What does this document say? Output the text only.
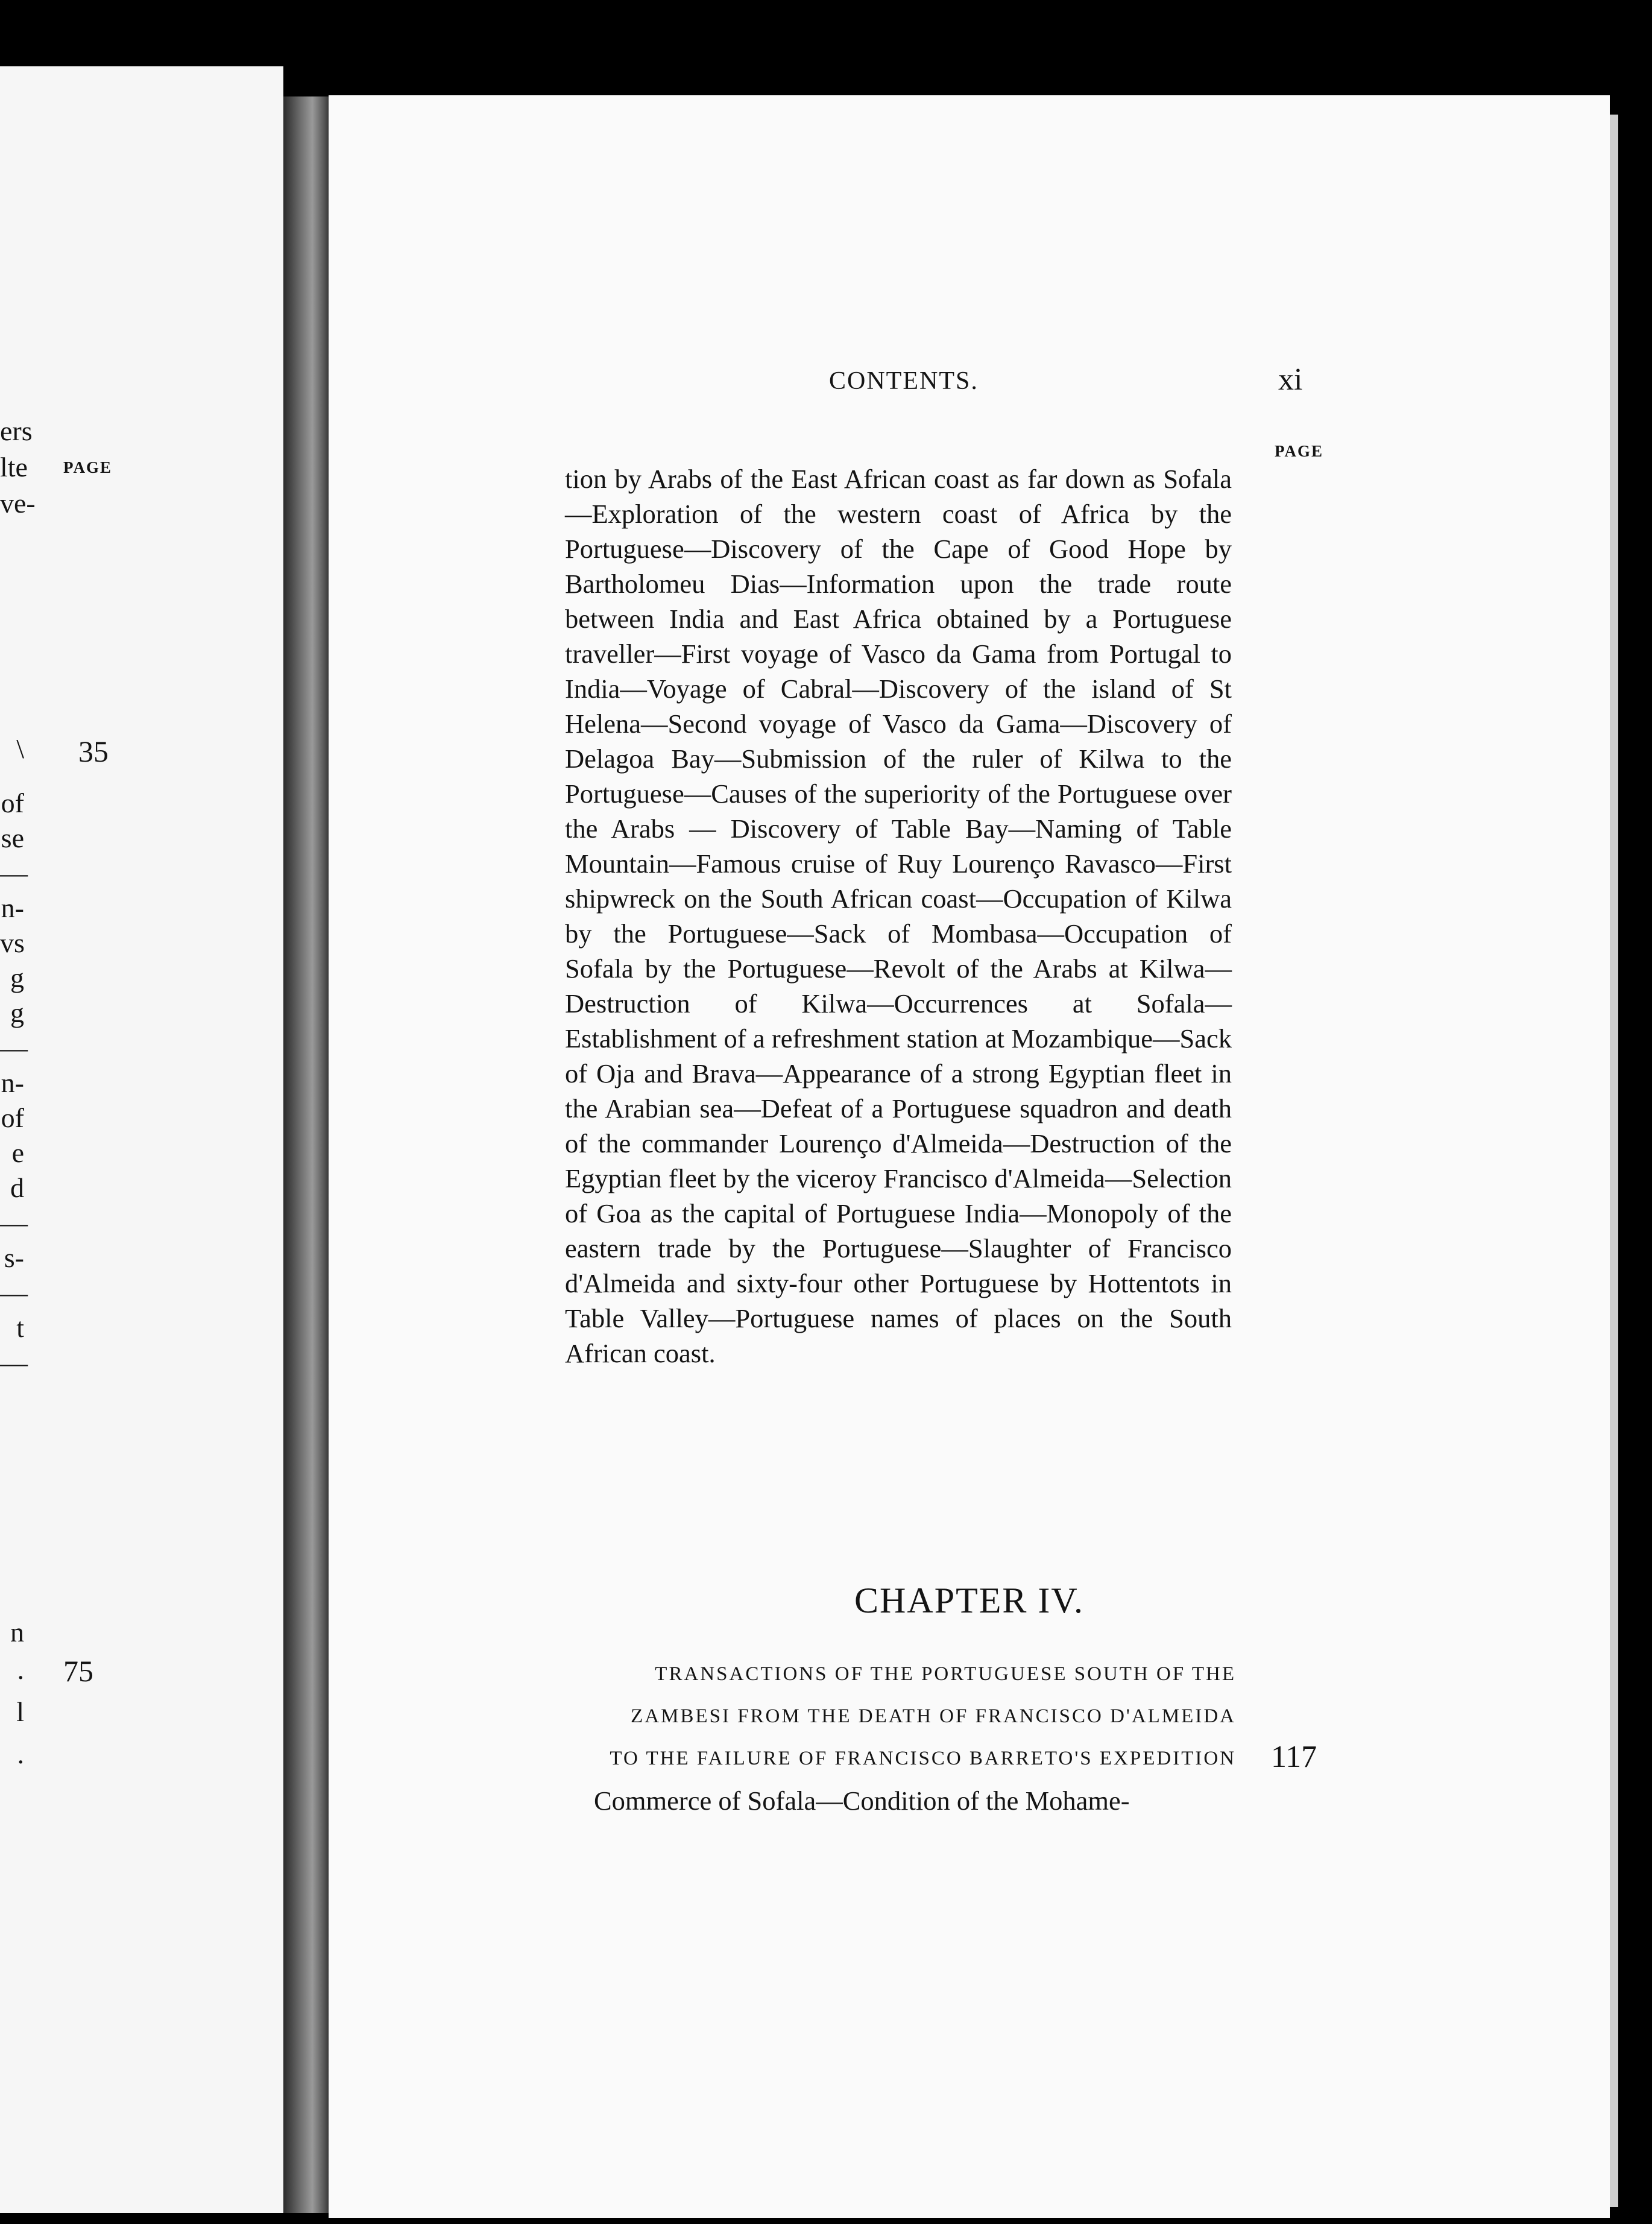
PAGE
35
75
ers
lte
ve-
\
of
se
—
n-
vs
g
g
—
n-
of
e
d
—
s-
—
t
—
n
.
l
.
CONTENTS.	xi
PAGE
tion by Arabs of the East African coast as far down as Sofala—Exploration of the western coast of Africa by the Portuguese—Discovery of the Cape of Good Hope by Bartholomeu Dias—Information upon the trade route between India and East Africa obtained by a Portuguese traveller—First voyage of Vasco da Gama from Portugal to India—Voyage of Cabral—Discovery of the island of St Helena—Second voyage of Vasco da Gama—Discovery of Delagoa Bay—Submission of the ruler of Kilwa to the Portuguese—Causes of the superiority of the Portuguese over the Arabs — Discovery of Table Bay—Naming of Table Mountain—Famous cruise of Ruy Lourenço Ravasco—First shipwreck on the South African coast—Occupation of Kilwa by the Portuguese—Sack of Mombasa—Occupation of Sofala by the Portuguese—Revolt of the Arabs at Kilwa—Destruction of Kilwa—Occurrences at Sofala—Establishment of a refreshment station at Mozambique—Sack of Oja and Brava—Appearance of a strong Egyptian fleet in the Arabian sea—Defeat of a Portuguese squadron and death of the commander Lourenço d'Almeida—Destruction of the Egyptian fleet by the viceroy Francisco d'Almeida—Selection of Goa as the capital of Portuguese India—Monopoly of the eastern trade by the Portuguese—Slaughter of Francisco d'Almeida and sixty-four other Portuguese by Hottentots in Table Valley—Portuguese names of places on the South African coast.
CHAPTER IV.
TRANSACTIONS OF THE PORTUGUESE SOUTH OF THE
ZAMBESI FROM THE DEATH OF FRANCISCO D'ALMEIDA
TO THE FAILURE OF FRANCISCO BARRETO'S EXPEDITION 117
Commerce of Sofala—Condition of the Mohame-
